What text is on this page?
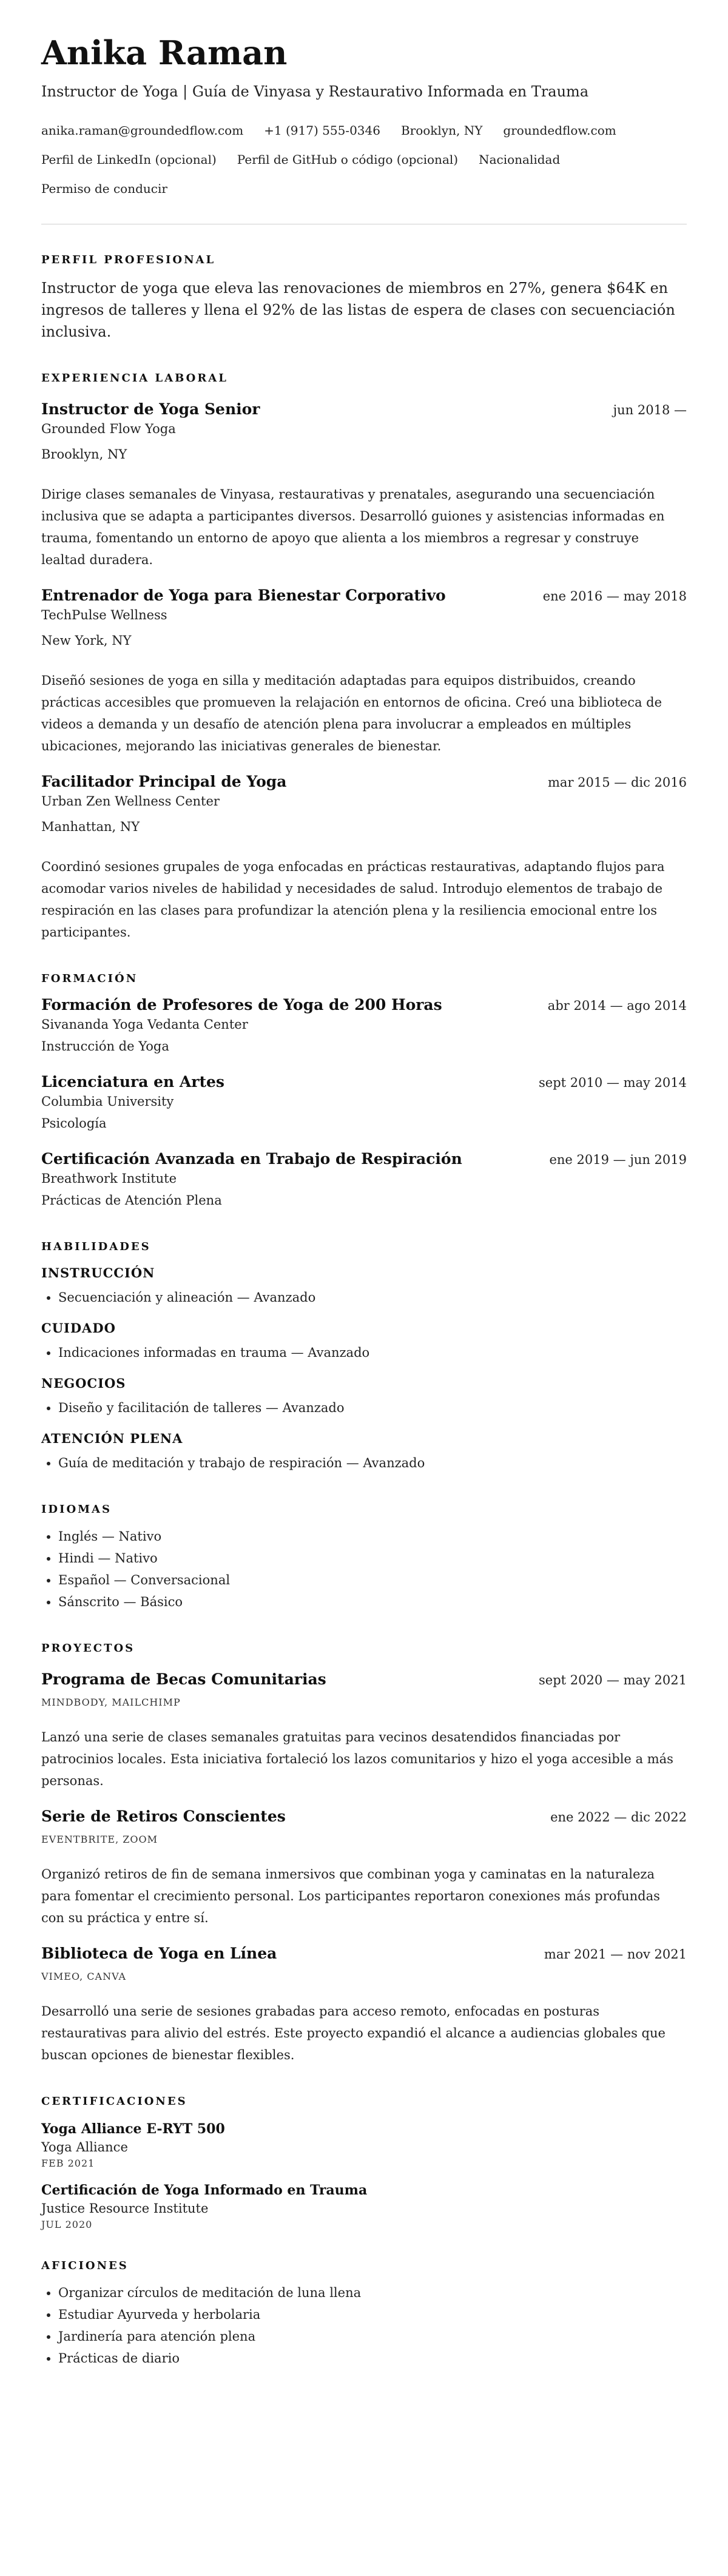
Anika Raman
Instructor de Yoga | Guía de Vinyasa y Restaurativo Informada en Trauma
anika.raman@groundedflow.com +1 (917) 555-0346 Brooklyn, NY groundedflow.com
Perfil de LinkedIn (opcional) Perfil de GitHub o código (opcional) Nacionalidad
Permiso de conducir
PERFIL PROFESIONAL
Instructor de yoga que eleva las renovaciones de miembros en 27%, genera $64K en ingresos de talleres y llena el 92% de las listas de espera de clases con secuenciación inclusiva.
EXPERIENCIA LABORAL
Instructor de Yoga Senior	jun 2018 —
Grounded Flow Yoga
Brooklyn, NY
Dirige clases semanales de Vinyasa, restaurativas y prenatales, asegurando una secuenciación inclusiva que se adapta a participantes diversos. Desarrolló guiones y asistencias informadas en trauma, fomentando un entorno de apoyo que alienta a los miembros a regresar y construye lealtad duradera.
Entrenador de Yoga para Bienestar Corporativo	ene 2016 — may 2018
TechPulse Wellness
New York, NY
Diseñó sesiones de yoga en silla y meditación adaptadas para equipos distribuidos, creando prácticas accesibles que promueven la relajación en entornos de oficina. Creó una biblioteca de videos a demanda y un desafío de atención plena para involucrar a empleados en múltiples ubicaciones, mejorando las iniciativas generales de bienestar.
Facilitador Principal de Yoga	mar 2015 — dic 2016
Urban Zen Wellness Center
Manhattan, NY
Coordinó sesiones grupales de yoga enfocadas en prácticas restaurativas, adaptando flujos para acomodar varios niveles de habilidad y necesidades de salud. Introdujo elementos de trabajo de respiración en las clases para profundizar la atención plena y la resiliencia emocional entre los participantes.
FORMACIÓN
Formación de Profesores de Yoga de 200 Horas	abr 2014 — ago 2014
Sivananda Yoga Vedanta Center
Instrucción de Yoga
Licenciatura en Artes	sept 2010 — may 2014
Columbia University
Psicología
Certificación Avanzada en Trabajo de Respiración	ene 2019 — jun 2019
Breathwork Institute
Prácticas de Atención Plena
HABILIDADES
INSTRUCCIÓN
• Secuenciación y alineación — Avanzado
CUIDADO
• Indicaciones informadas en trauma — Avanzado
NEGOCIOS
• Diseño y facilitación de talleres — Avanzado
ATENCIÓN PLENA
• Guía de meditación y trabajo de respiración — Avanzado
IDIOMAS
• Inglés — Nativo
• Hindi — Nativo
• Español — Conversacional
• Sánscrito — Básico
PROYECTOS
Programa de Becas Comunitarias	sept 2020 — may 2021
MINDBODY, MAILCHIMP
Lanzó una serie de clases semanales gratuitas para vecinos desatendidos financiadas por patrocinios locales. Esta iniciativa fortaleció los lazos comunitarios y hizo el yoga accesible a más personas.
Serie de Retiros Conscientes	ene 2022 — dic 2022
EVENTBRITE, ZOOM
Organizó retiros de fin de semana inmersivos que combinan yoga y caminatas en la naturaleza para fomentar el crecimiento personal. Los participantes reportaron conexiones más profundas con su práctica y entre sí.
Biblioteca de Yoga en Línea	mar 2021 — nov 2021
VIMEO, CANVA
Desarrolló una serie de sesiones grabadas para acceso remoto, enfocadas en posturas restaurativas para alivio del estrés. Este proyecto expandió el alcance a audiencias globales que buscan opciones de bienestar flexibles.
CERTIFICACIONES
Yoga Alliance E-RYT 500
Yoga Alliance
FEB 2021
Certificación de Yoga Informado en Trauma
Justice Resource Institute
JUL 2020
AFICIONES
• Organizar círculos de meditación de luna llena
• Estudiar Ayurveda y herbolaria
• Jardinería para atención plena
• Prácticas de diario
